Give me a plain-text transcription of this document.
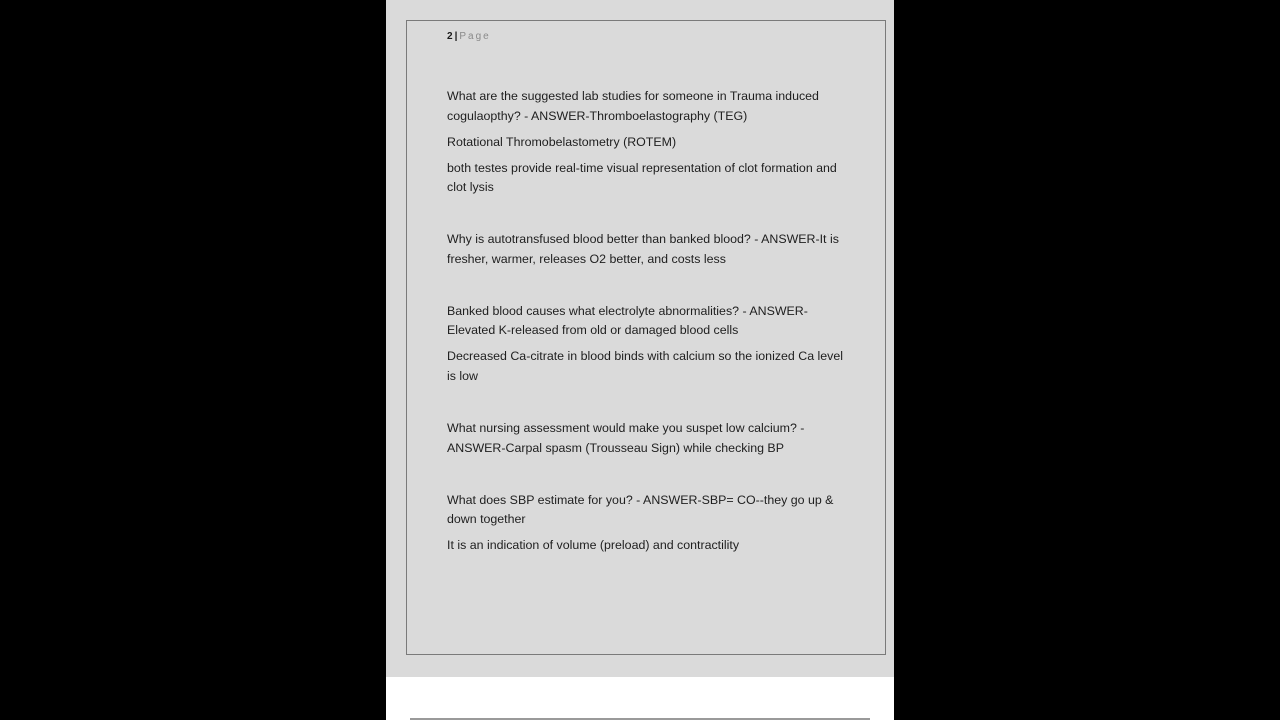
2 | Page

What are the suggested lab studies for someone in Trauma induced cogulaopthy? - ANSWER-Thromboelastography (TEG)

Rotational Thromobelastometry (ROTEM)

both testes provide real-time visual representation of clot formation and clot lysis

Why is autotransfused blood better than banked blood? - ANSWER-It is fresher, warmer, releases O2 better, and costs less

Banked blood causes what electrolyte abnormalities? - ANSWER-Elevated K-released from old or damaged blood cells

Decreased Ca-citrate in blood binds with calcium so the ionized Ca level is low

What nursing assessment would make you suspet low calcium? - ANSWER-Carpal spasm (Trousseau Sign) while checking BP

What does SBP estimate for you? - ANSWER-SBP= CO--they go up & down together

It is an indication of volume (preload) and contractility
